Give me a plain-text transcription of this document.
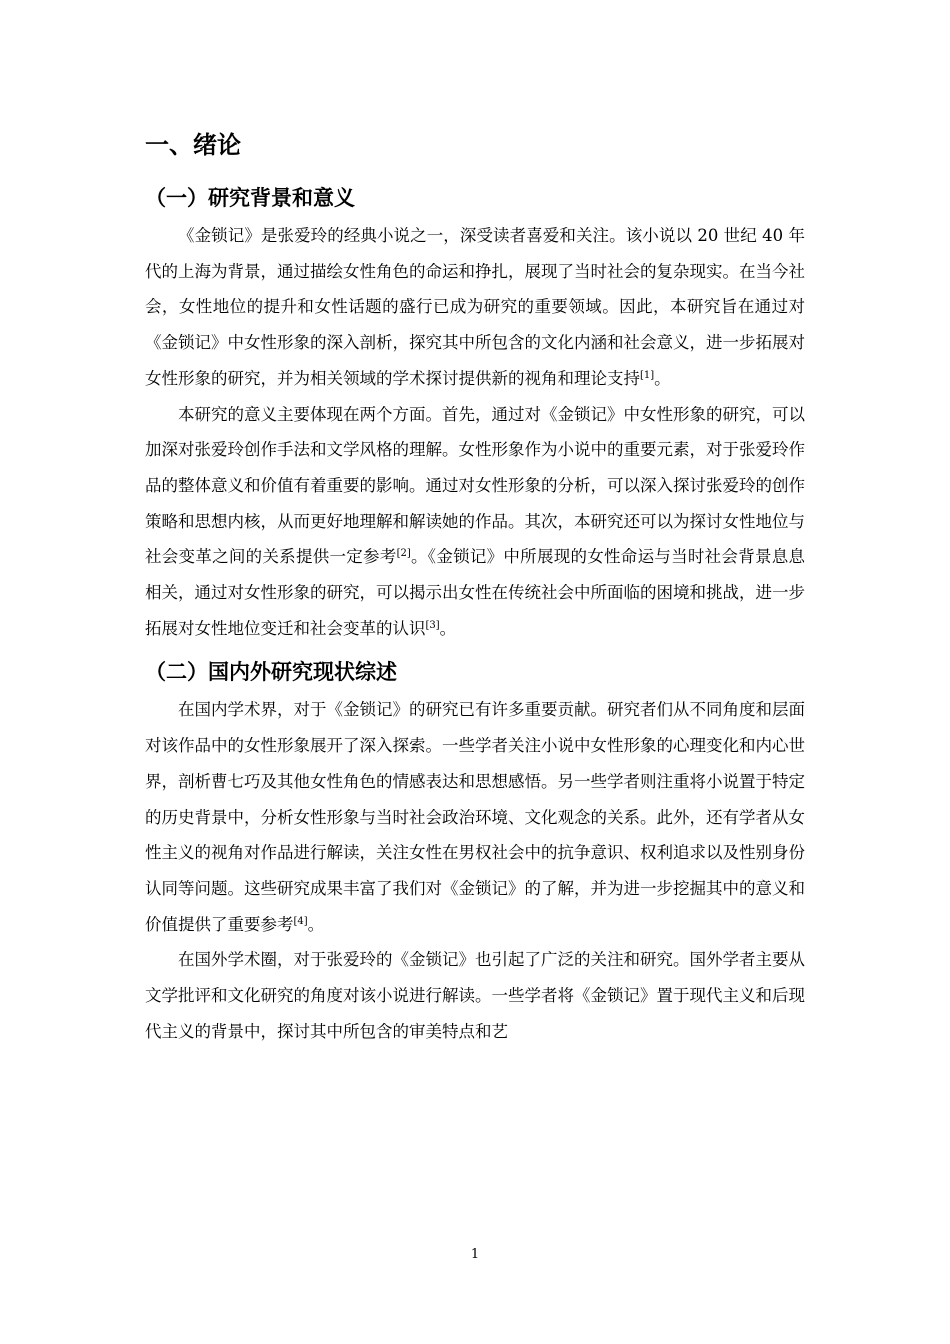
一、绪论
（一）研究背景和意义

《金锁记》是张爱玲的经典小说之一，深受读者喜爱和关注。该小说以 20 世纪 40 年代的上海为背景，通过描绘女性角色的命运和挣扎，展现了当时社会的复杂现实。在当今社会，女性地位的提升和女性话题的盛行已成为研究的重要领域。因此，本研究旨在通过对《金锁记》中女性形象的深入剖析，探究其中所包含的文化内涵和社会意义，进一步拓展对女性形象的研究，并为相关领域的学术探讨提供新的视角和理论支持[1]。

本研究的意义主要体现在两个方面。首先，通过对《金锁记》中女性形象的研究，可以加深对张爱玲创作手法和文学风格的理解。女性形象作为小说中的重要元素，对于张爱玲作品的整体意义和价值有着重要的影响。通过对女性形象的分析，可以深入探讨张爱玲的创作策略和思想内核，从而更好地理解和解读她的作品。其次，本研究还可以为探讨女性地位与社会变革之间的关系提供一定参考[2]。《金锁记》中所展现的女性命运与当时社会背景息息相关，通过对女性形象的研究，可以揭示出女性在传统社会中所面临的困境和挑战，进一步拓展对女性地位变迁和社会变革的认识[3]。

（二）国内外研究现状综述

在国内学术界，对于《金锁记》的研究已有许多重要贡献。研究者们从不同角度和层面对该作品中的女性形象展开了深入探索。一些学者关注小说中女性形象的心理变化和内心世界，剖析曹七巧及其他女性角色的情感表达和思想感悟。另一些学者则注重将小说置于特定的历史背景中，分析女性形象与当时社会政治环境、文化观念的关系。此外，还有学者从女性主义的视角对作品进行解读，关注女性在男权社会中的抗争意识、权利追求以及性别身份认同等问题。这些研究成果丰富了我们对《金锁记》的了解，并为进一步挖掘其中的意义和价值提供了重要参考[4]。

在国外学术圈，对于张爱玲的《金锁记》也引起了广泛的关注和研究。国外学者主要从文学批评和文化研究的角度对该小说进行解读。一些学者将《金锁记》置于现代主义和后现代主义的背景中，探讨其中所包含的审美特点和艺

1
